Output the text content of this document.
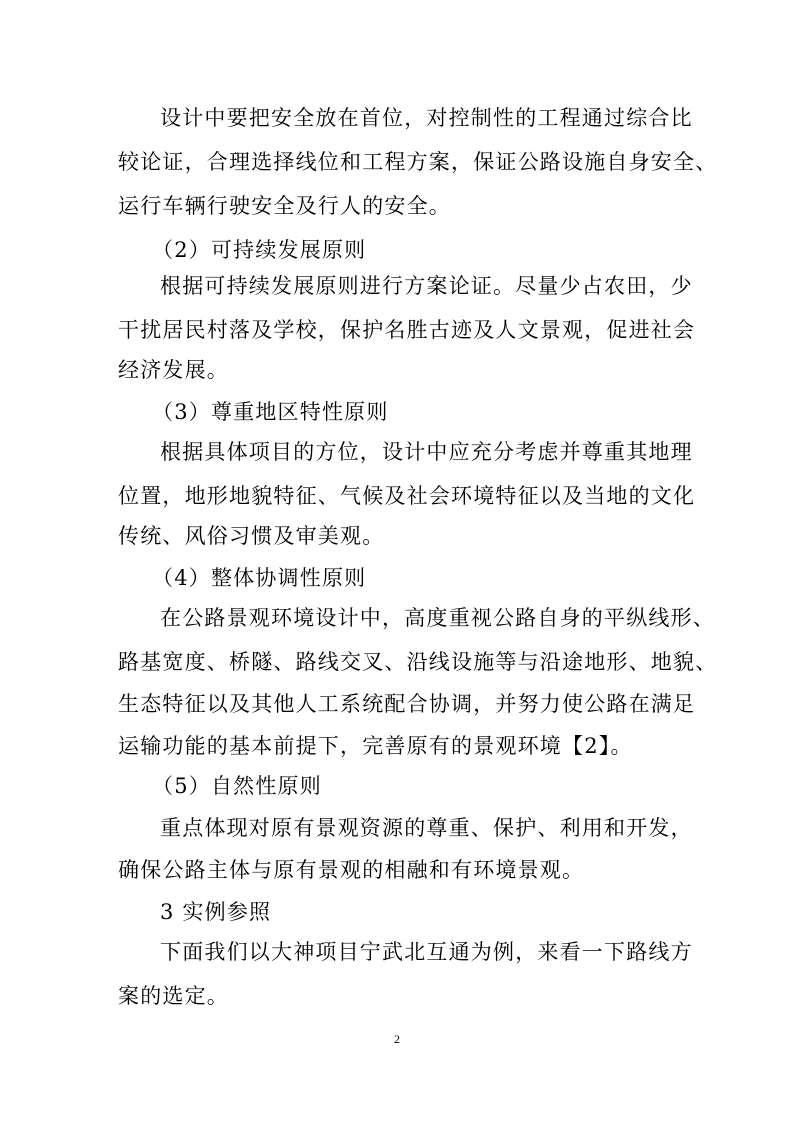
设计中要把安全放在首位，对控制性的工程通过综合比
较论证，合理选择线位和工程方案，保证公路设施自身安全、
运行车辆行驶安全及行人的安全。
（2）可持续发展原则
根据可持续发展原则进行方案论证。尽量少占农田，少
干扰居民村落及学校，保护名胜古迹及人文景观，促进社会
经济发展。
（3）尊重地区特性原则
根据具体项目的方位，设计中应充分考虑并尊重其地理
位置，地形地貌特征、气候及社会环境特征以及当地的文化
传统、风俗习惯及审美观。
（4）整体协调性原则
在公路景观环境设计中，高度重视公路自身的平纵线形、
路基宽度、桥隧、路线交叉、沿线设施等与沿途地形、地貌、
生态特征以及其他人工系统配合协调，并努力使公路在满足
运输功能的基本前提下，完善原有的景观环境【2】。
（5）自然性原则
重点体现对原有景观资源的尊重、保护、利用和开发，
确保公路主体与原有景观的相融和有环境景观。
3 实例参照
下面我们以大神项目宁武北互通为例，来看一下路线方
案的选定。
2
